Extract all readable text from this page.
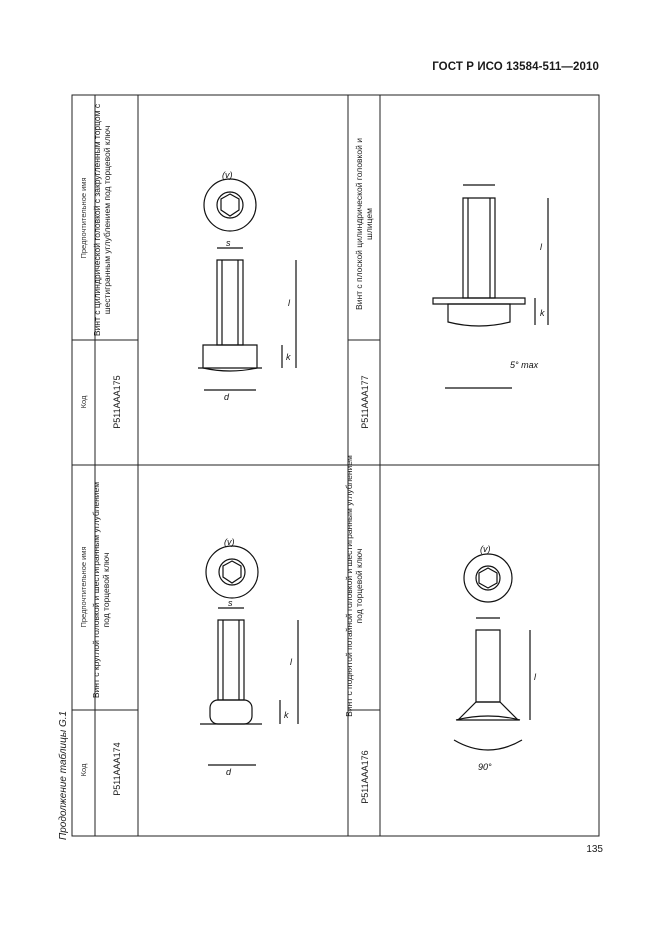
ГОСТ Р ИСО 13584-511—2010
Продолжение таблицы G.1	Код
Предпочтительное имя
Код
Предпочтительное имя
P511AAA174
Винт с круглой головкой и шестигранным углублением под торцевой ключ
P511AAA175
Винт с цилиндрической головкой с закругленным торцом с шестигранным углублением под торцевой ключ
P511AAA176
Винт с поднятой потайной головкой и шестигранным углублением под торцевой ключ
P511AAA177
Винт с плоской цилиндрической головкой и шлицем
(v)
s
l
k
d
(v)
s
l
k
d
(v)
90°
l
l
k
5° max
135
